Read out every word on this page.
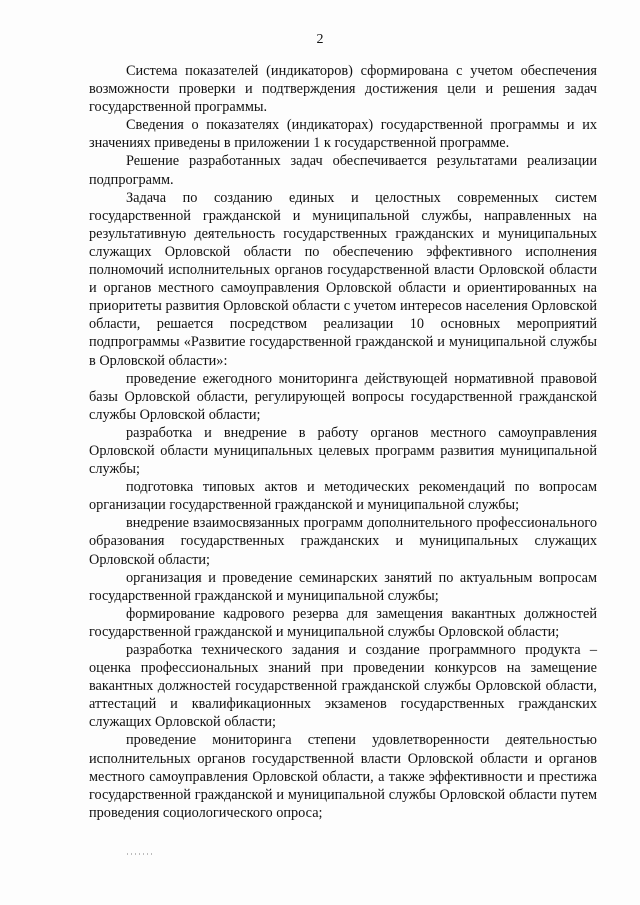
2

Система показателей (индикаторов) сформирована с учетом обеспечения возможности проверки и подтверждения достижения цели и решения задач государственной программы.

Сведения о показателях (индикаторах) государственной программы и их значениях приведены в приложении 1 к государственной программе.

Решение разработанных задач обеспечивается результатами реализации подпрограмм.

Задача по созданию единых и целостных современных систем государственной гражданской и муниципальной службы, направленных на результативную деятельность государственных гражданских и муниципальных служащих Орловской области по обеспечению эффективного исполнения полномочий исполнительных органов государственной власти Орловской области и органов местного самоуправления Орловской области и ориентированных на приоритеты развития Орловской области с учетом интересов населения Орловской области, решается посредством реализации 10 основных мероприятий подпрограммы «Развитие государственной гражданской и муниципальной службы в Орловской области»:

проведение ежегодного мониторинга действующей нормативной правовой базы Орловской области, регулирующей вопросы государственной гражданской службы Орловской области;

разработка и внедрение в работу органов местного самоуправления Орловской области муниципальных целевых программ развития муниципальной службы;

подготовка типовых актов и методических рекомендаций по вопросам организации государственной гражданской и муниципальной службы;

внедрение взаимосвязанных программ дополнительного профессионального образования государственных гражданских и муниципальных служащих Орловской области;

организация и проведение семинарских занятий по актуальным вопросам государственной гражданской и муниципальной службы;

формирование кадрового резерва для замещения вакантных должностей государственной гражданской и муниципальной службы Орловской области;

разработка технического задания и создание программного продукта – оценка профессиональных знаний при проведении конкурсов на замещение вакантных должностей государственной гражданской службы Орловской области, аттестаций и квалификационных экзаменов государственных гражданских служащих Орловской области;

проведение мониторинга степени удовлетворенности деятельностью исполнительных органов государственной власти Орловской области и органов местного самоуправления Орловской области, а также эффективности и престижа государственной гражданской и муниципальной службы Орловской области путем проведения социологического опроса;
